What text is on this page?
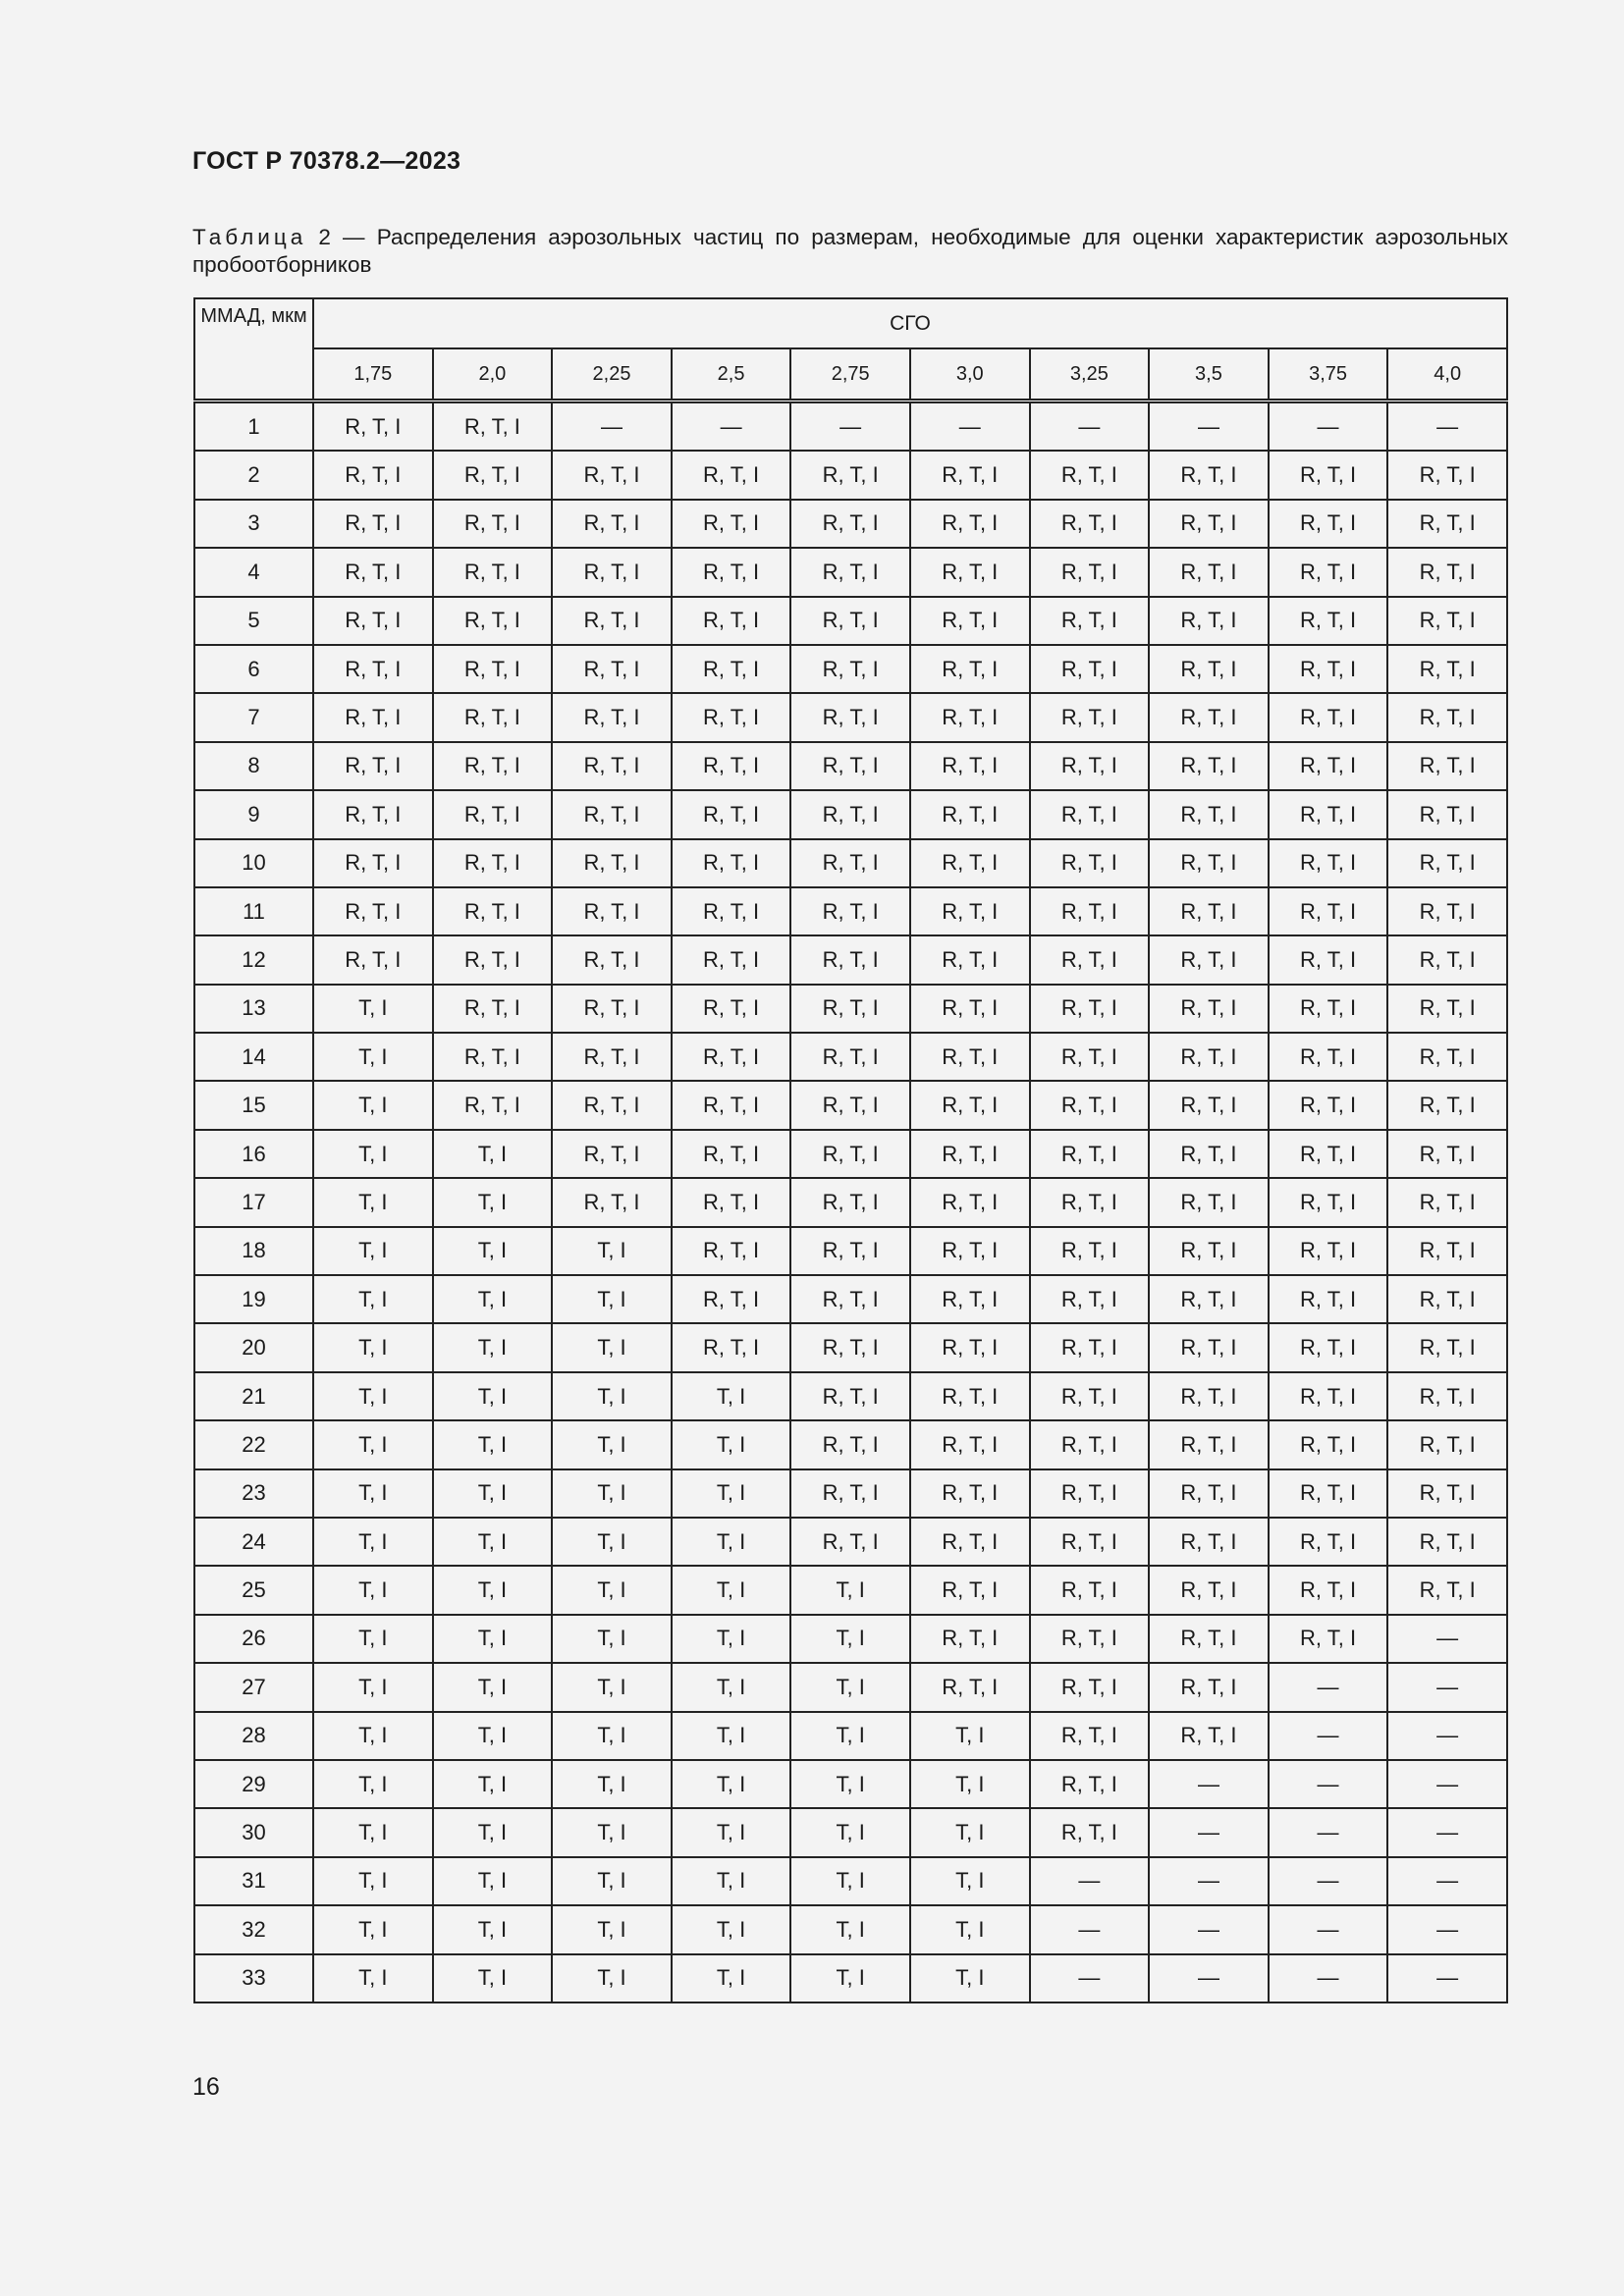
ГОСТ Р 70378.2—2023
Таблица 2 — Распределения аэрозольных частиц по размерам, необходимые для оценки характеристик аэрозольных пробоотборников
ММАД, мкм	СГО									
	1,75	2,0	2,25	2,5	2,75	3,0	3,25	3,5	3,75	4,0
1	R, T, I	R, T, I	—	—	—	—	—	—	—	—
2	R, T, I	R, T, I	R, T, I	R, T, I	R, T, I	R, T, I	R, T, I	R, T, I	R, T, I	R, T, I
3	R, T, I	R, T, I	R, T, I	R, T, I	R, T, I	R, T, I	R, T, I	R, T, I	R, T, I	R, T, I
4	R, T, I	R, T, I	R, T, I	R, T, I	R, T, I	R, T, I	R, T, I	R, T, I	R, T, I	R, T, I
5	R, T, I	R, T, I	R, T, I	R, T, I	R, T, I	R, T, I	R, T, I	R, T, I	R, T, I	R, T, I
6	R, T, I	R, T, I	R, T, I	R, T, I	R, T, I	R, T, I	R, T, I	R, T, I	R, T, I	R, T, I
7	R, T, I	R, T, I	R, T, I	R, T, I	R, T, I	R, T, I	R, T, I	R, T, I	R, T, I	R, T, I
8	R, T, I	R, T, I	R, T, I	R, T, I	R, T, I	R, T, I	R, T, I	R, T, I	R, T, I	R, T, I
9	R, T, I	R, T, I	R, T, I	R, T, I	R, T, I	R, T, I	R, T, I	R, T, I	R, T, I	R, T, I
10	R, T, I	R, T, I	R, T, I	R, T, I	R, T, I	R, T, I	R, T, I	R, T, I	R, T, I	R, T, I
11	R, T, I	R, T, I	R, T, I	R, T, I	R, T, I	R, T, I	R, T, I	R, T, I	R, T, I	R, T, I
12	R, T, I	R, T, I	R, T, I	R, T, I	R, T, I	R, T, I	R, T, I	R, T, I	R, T, I	R, T, I
13	T, I	R, T, I	R, T, I	R, T, I	R, T, I	R, T, I	R, T, I	R, T, I	R, T, I	R, T, I
14	T, I	R, T, I	R, T, I	R, T, I	R, T, I	R, T, I	R, T, I	R, T, I	R, T, I	R, T, I
15	T, I	R, T, I	R, T, I	R, T, I	R, T, I	R, T, I	R, T, I	R, T, I	R, T, I	R, T, I
16	T, I	T, I	R, T, I	R, T, I	R, T, I	R, T, I	R, T, I	R, T, I	R, T, I	R, T, I
17	T, I	T, I	R, T, I	R, T, I	R, T, I	R, T, I	R, T, I	R, T, I	R, T, I	R, T, I
18	T, I	T, I	T, I	R, T, I	R, T, I	R, T, I	R, T, I	R, T, I	R, T, I	R, T, I
19	T, I	T, I	T, I	R, T, I	R, T, I	R, T, I	R, T, I	R, T, I	R, T, I	R, T, I
20	T, I	T, I	T, I	R, T, I	R, T, I	R, T, I	R, T, I	R, T, I	R, T, I	R, T, I
21	T, I	T, I	T, I	T, I	R, T, I	R, T, I	R, T, I	R, T, I	R, T, I	R, T, I
22	T, I	T, I	T, I	T, I	R, T, I	R, T, I	R, T, I	R, T, I	R, T, I	R, T, I
23	T, I	T, I	T, I	T, I	R, T, I	R, T, I	R, T, I	R, T, I	R, T, I	R, T, I
24	T, I	T, I	T, I	T, I	R, T, I	R, T, I	R, T, I	R, T, I	R, T, I	R, T, I
25	T, I	T, I	T, I	T, I	T, I	R, T, I	R, T, I	R, T, I	R, T, I	R, T, I
26	T, I	T, I	T, I	T, I	T, I	R, T, I	R, T, I	R, T, I	R, T, I	—
27	T, I	T, I	T, I	T, I	T, I	R, T, I	R, T, I	R, T, I	—	—
28	T, I	T, I	T, I	T, I	T, I	T, I	R, T, I	R, T, I	—	—
29	T, I	T, I	T, I	T, I	T, I	T, I	R, T, I	—	—	—
30	T, I	T, I	T, I	T, I	T, I	T, I	R, T, I	—	—	—
31	T, I	T, I	T, I	T, I	T, I	T, I	—	—	—	—
32	T, I	T, I	T, I	T, I	T, I	T, I	—	—	—	—
33	T, I	T, I	T, I	T, I	T, I	T, I	—	—	—	—
16
